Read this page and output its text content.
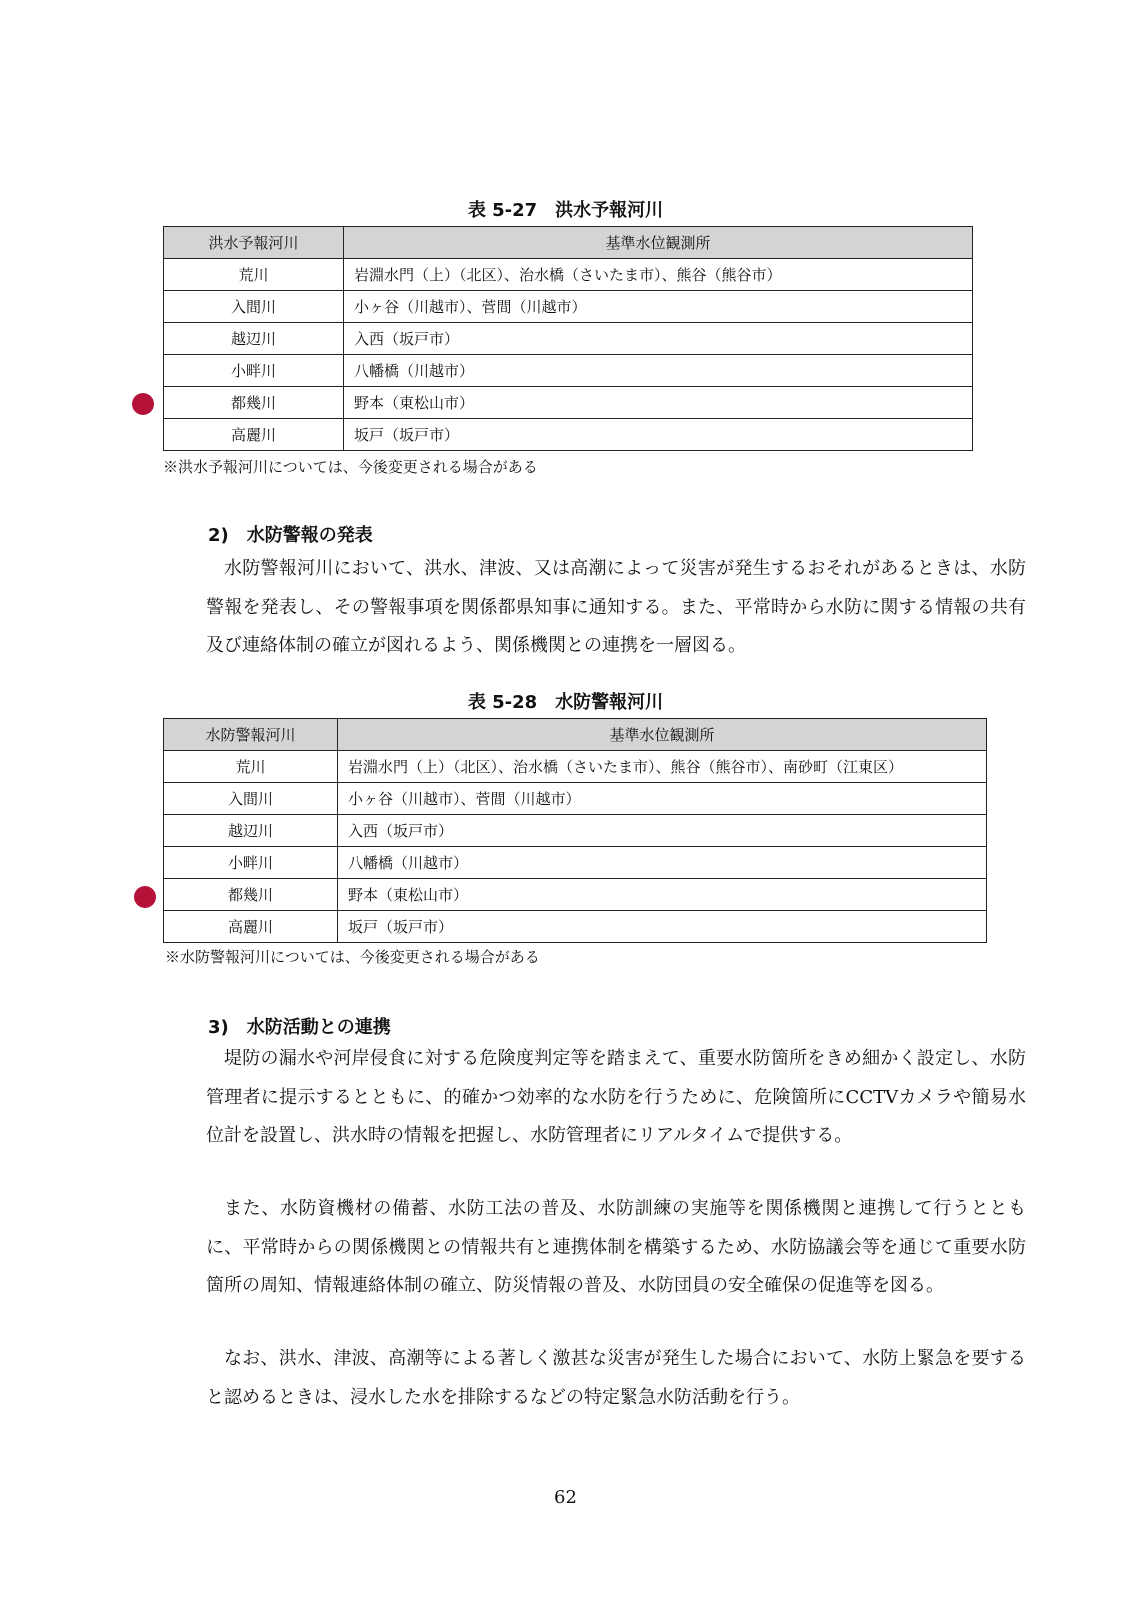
表 5-27　洪水予報河川
洪水予報河川	基準水位観測所
荒川	岩淵水門（上）（北区）、治水橋（さいたま市）、熊谷（熊谷市）
入間川	小ヶ谷（川越市）、菅間（川越市）
越辺川	入西（坂戸市）
小畔川	八幡橋（川越市）
都幾川	野本（東松山市）
高麗川	坂戸（坂戸市）
※洪水予報河川については、今後変更される場合がある
2)　水防警報の発表

水防警報河川において、洪水、津波、又は高潮によって災害が発生するおそれがあるときは、水防警報を発表し、その警報事項を関係都県知事に通知する。また、平常時から水防に関する情報の共有及び連絡体制の確立が図れるよう、関係機関との連携を一層図る。

表 5-28　水防警報河川
水防警報河川	基準水位観測所
荒川	岩淵水門（上）（北区）、治水橋（さいたま市）、熊谷（熊谷市）、南砂町（江東区）
入間川	小ヶ谷（川越市）、菅間（川越市）
越辺川	入西（坂戸市）
小畔川	八幡橋（川越市）
都幾川	野本（東松山市）
高麗川	坂戸（坂戸市）
※水防警報河川については、今後変更される場合がある
3)　水防活動との連携

堤防の漏水や河岸侵食に対する危険度判定等を踏まえて、重要水防箇所をきめ細かく設定し、水防管理者に提示するとともに、的確かつ効率的な水防を行うために、危険箇所にCCTVカメラや簡易水位計を設置し、洪水時の情報を把握し、水防管理者にリアルタイムで提供する。

また、水防資機材の備蓄、水防工法の普及、水防訓練の実施等を関係機関と連携して行うとともに、平常時からの関係機関との情報共有と連携体制を構築するため、水防協議会等を通じて重要水防箇所の周知、情報連絡体制の確立、防災情報の普及、水防団員の安全確保の促進等を図る。

なお、洪水、津波、高潮等による著しく激甚な災害が発生した場合において、水防上緊急を要すると認めるときは、浸水した水を排除するなどの特定緊急水防活動を行う。

62
